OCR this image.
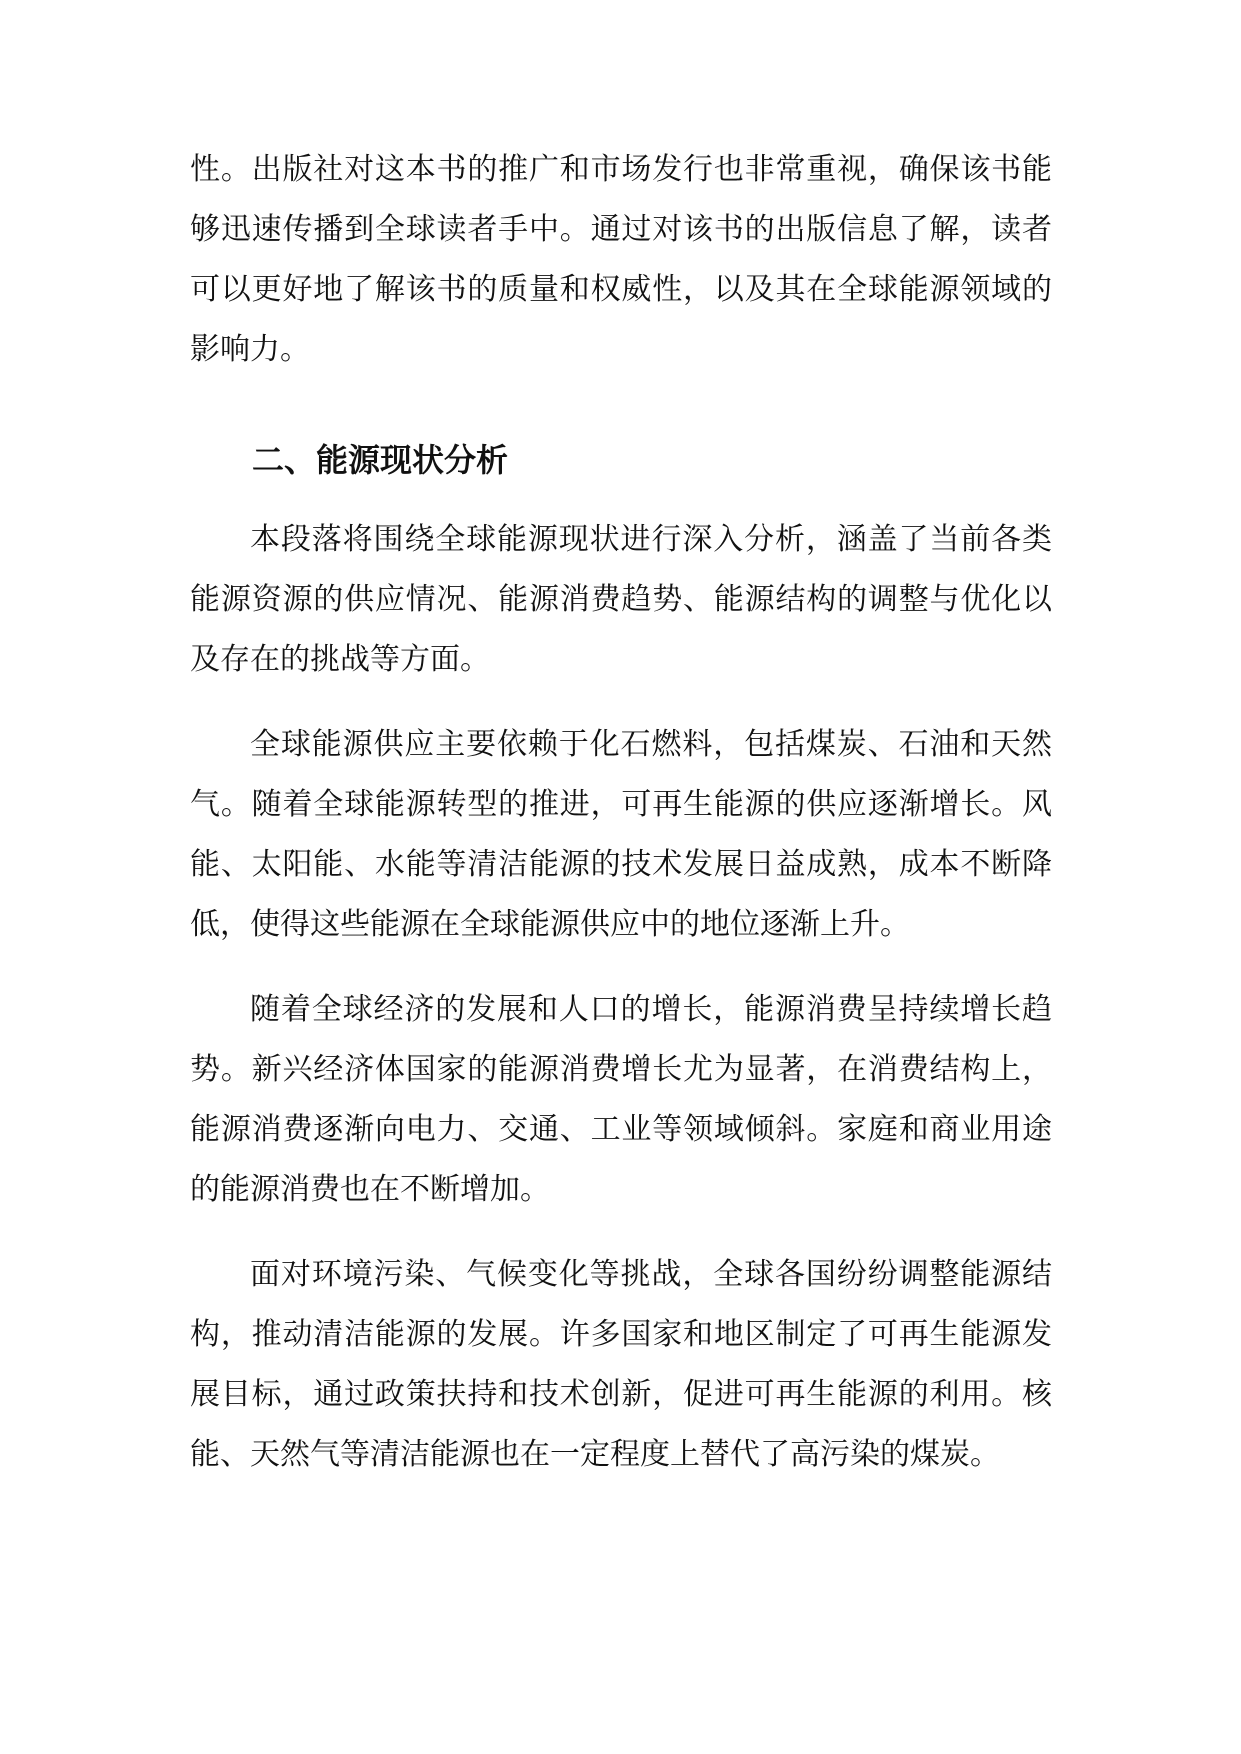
性。出版社对这本书的推广和市场发行也非常重视，确保该书能够迅速传播到全球读者手中。通过对该书的出版信息了解，读者可以更好地了解该书的质量和权威性，以及其在全球能源领域的影响力。

二、能源现状分析

本段落将围绕全球能源现状进行深入分析，涵盖了当前各类能源资源的供应情况、能源消费趋势、能源结构的调整与优化以及存在的挑战等方面。

全球能源供应主要依赖于化石燃料，包括煤炭、石油和天然气。随着全球能源转型的推进，可再生能源的供应逐渐增长。风能、太阳能、水能等清洁能源的技术发展日益成熟，成本不断降低，使得这些能源在全球能源供应中的地位逐渐上升。

随着全球经济的发展和人口的增长，能源消费呈持续增长趋势。新兴经济体国家的能源消费增长尤为显著，在消费结构上，能源消费逐渐向电力、交通、工业等领域倾斜。家庭和商业用途的能源消费也在不断增加。

面对环境污染、气候变化等挑战，全球各国纷纷调整能源结构，推动清洁能源的发展。许多国家和地区制定了可再生能源发展目标，通过政策扶持和技术创新，促进可再生能源的利用。核能、天然气等清洁能源也在一定程度上替代了高污染的煤炭。
